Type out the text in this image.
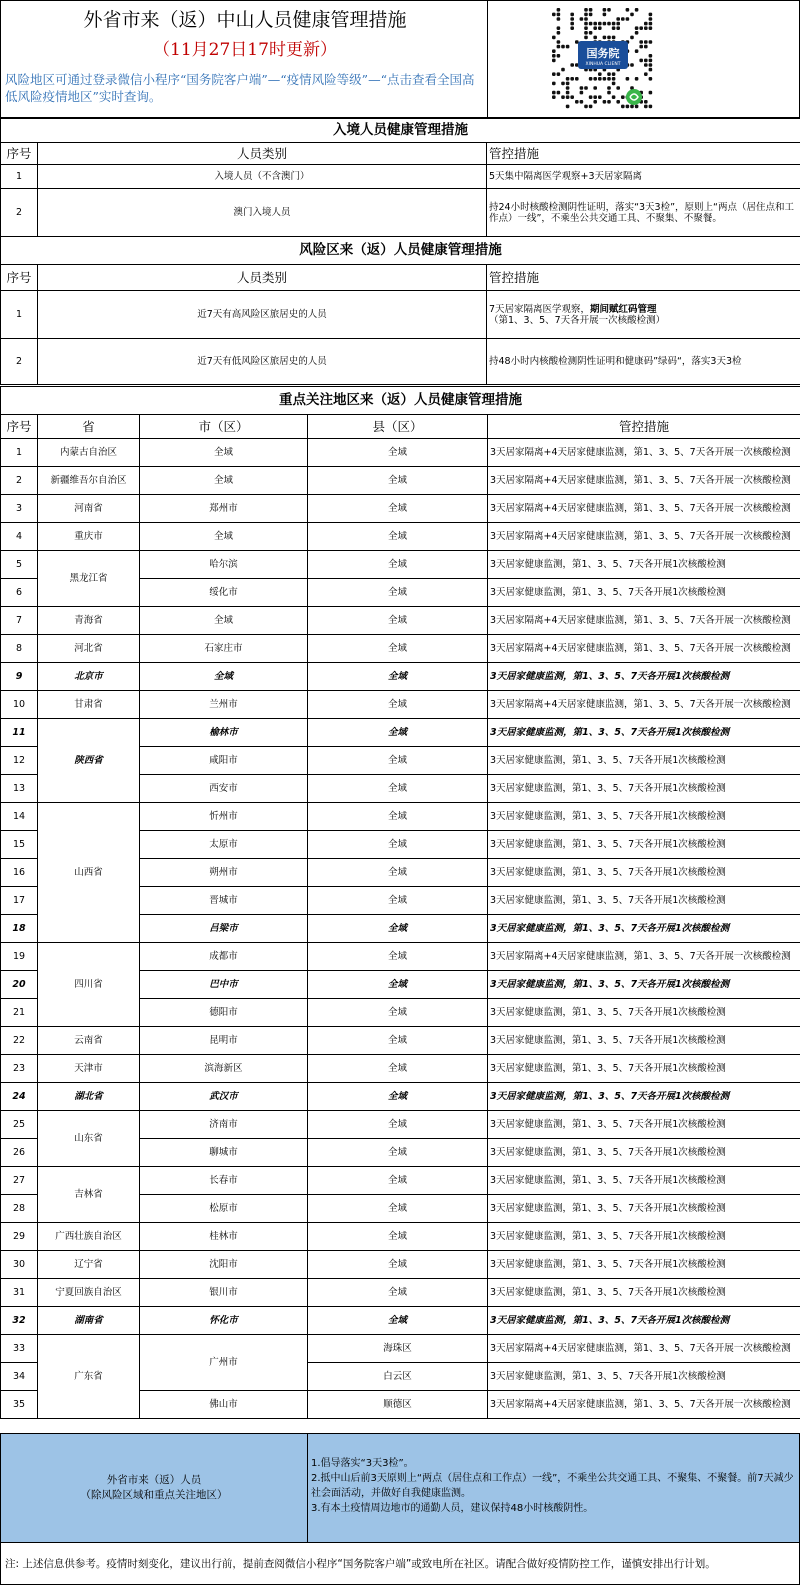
外省市来（返）中山人员健康管理措施
（11月27日17时更新）
风险地区可通过登录微信小程序“国务院客户端”—“疫情风险等级”—“点击查看全国高低风险疫情地区”实时查询。
国务院
XINHUA CLIENT
入境人员健康管理措施		
序号	人员类别	管控措施
1	入境人员（不含澳门）	5天集中隔离医学观察+3天居家隔离
2	澳门入境人员	持24小时核酸检测阴性证明，落实“3天3检”，原则上“两点（居住点和工作点）一线”，不乘坐公共交通工具、不聚集、不聚餐。
风险区来（返）人员健康管理措施		
序号	人员类别	管控措施
1	近7天有高风险区旅居史的人员	7天居家隔离医学观察，期间赋红码管理
（第1、3、5、7天各开展一次核酸检测）
2	近7天有低风险区旅居史的人员	持48小时内核酸检测阴性证明和健康码”绿码“，落实3天3检
重点关注地区来（返）人员健康管理措施				
序号	省	市（区）	县（区）	管控措施
1	内蒙古自治区	全域	全域	3天居家隔离+4天居家健康监测，第1、3、5、7天各开展一次核酸检测
2	新疆维吾尔自治区	全域	全域	3天居家隔离+4天居家健康监测，第1、3、5、7天各开展一次核酸检测
3	河南省	郑州市	全域	3天居家隔离+4天居家健康监测，第1、3、5、7天各开展一次核酸检测
4	重庆市	全域	全域	3天居家隔离+4天居家健康监测，第1、3、5、7天各开展一次核酸检测
5	黑龙江省	哈尔滨	全域	3天居家健康监测，第1、3、5、7天各开展1次核酸检测
6		绥化市	全域	3天居家健康监测，第1、3、5、7天各开展1次核酸检测
7	青海省	全域	全域	3天居家隔离+4天居家健康监测，第1、3、5、7天各开展一次核酸检测
8	河北省	石家庄市	全域	3天居家隔离+4天居家健康监测，第1、3、5、7天各开展一次核酸检测
9	北京市	全域	全域	3天居家健康监测，第1、3、5、7天各开展1次核酸检测
10	甘肃省	兰州市	全域	3天居家隔离+4天居家健康监测，第1、3、5、7天各开展一次核酸检测
11	陕西省	榆林市	全域	3天居家健康监测，第1、3、5、7天各开展1次核酸检测
12		咸阳市	全域	3天居家健康监测，第1、3、5、7天各开展1次核酸检测
13		西安市	全域	3天居家健康监测，第1、3、5、7天各开展1次核酸检测
14	山西省	忻州市	全域	3天居家健康监测，第1、3、5、7天各开展1次核酸检测
15		太原市	全域	3天居家健康监测，第1、3、5、7天各开展1次核酸检测
16		朔州市	全域	3天居家健康监测，第1、3、5、7天各开展1次核酸检测
17		晋城市	全域	3天居家健康监测，第1、3、5、7天各开展1次核酸检测
18		吕梁市	全域	3天居家健康监测，第1、3、5、7天各开展1次核酸检测
19	四川省	成都市	全域	3天居家隔离+4天居家健康监测，第1、3、5、7天各开展一次核酸检测
20		巴中市	全域	3天居家健康监测，第1、3、5、7天各开展1次核酸检测
21		德阳市	全域	3天居家健康监测，第1、3、5、7天各开展1次核酸检测
22	云南省	昆明市	全域	3天居家健康监测，第1、3、5、7天各开展1次核酸检测
23	天津市	滨海新区	全域	3天居家健康监测，第1、3、5、7天各开展1次核酸检测
24	湖北省	武汉市	全域	3天居家健康监测，第1、3、5、7天各开展1次核酸检测
25	山东省	济南市	全域	3天居家健康监测，第1、3、5、7天各开展1次核酸检测
26		聊城市	全域	3天居家健康监测，第1、3、5、7天各开展1次核酸检测
27	吉林省	长春市	全域	3天居家健康监测，第1、3、5、7天各开展1次核酸检测
28		松原市	全域	3天居家健康监测，第1、3、5、7天各开展1次核酸检测
29	广西壮族自治区	桂林市	全域	3天居家健康监测，第1、3、5、7天各开展1次核酸检测
30	辽宁省	沈阳市	全域	3天居家健康监测，第1、3、5、7天各开展1次核酸检测
31	宁夏回族自治区	银川市	全域	3天居家健康监测，第1、3、5、7天各开展1次核酸检测
32	湖南省	怀化市	全域	3天居家健康监测，第1、3、5、7天各开展1次核酸检测
33	广东省	广州市	海珠区	3天居家隔离+4天居家健康监测，第1、3、5、7天各开展一次核酸检测
34			白云区	3天居家健康监测，第1、3、5、7天各开展1次核酸检测
35		佛山市	顺德区	3天居家隔离+4天居家健康监测，第1、3、5、7天各开展一次核酸检测
外省市来（返）人员
（除风险区域和重点关注地区）
1.倡导落实“3天3检”。
2.抵中山后前3天原则上“两点（居住点和工作点）一线”，不乘坐公共交通工具、不聚集、不聚餐。前7天减少社会面活动，并做好自我健康监测。
3.有本土疫情周边地市的通勤人员，建议保持48小时核酸阴性。
注: 上述信息供参考。疫情时刻变化，建议出行前，提前查阅微信小程序“国务院客户端”或致电所在社区。请配合做好疫情防控工作，谨慎安排出行计划。
